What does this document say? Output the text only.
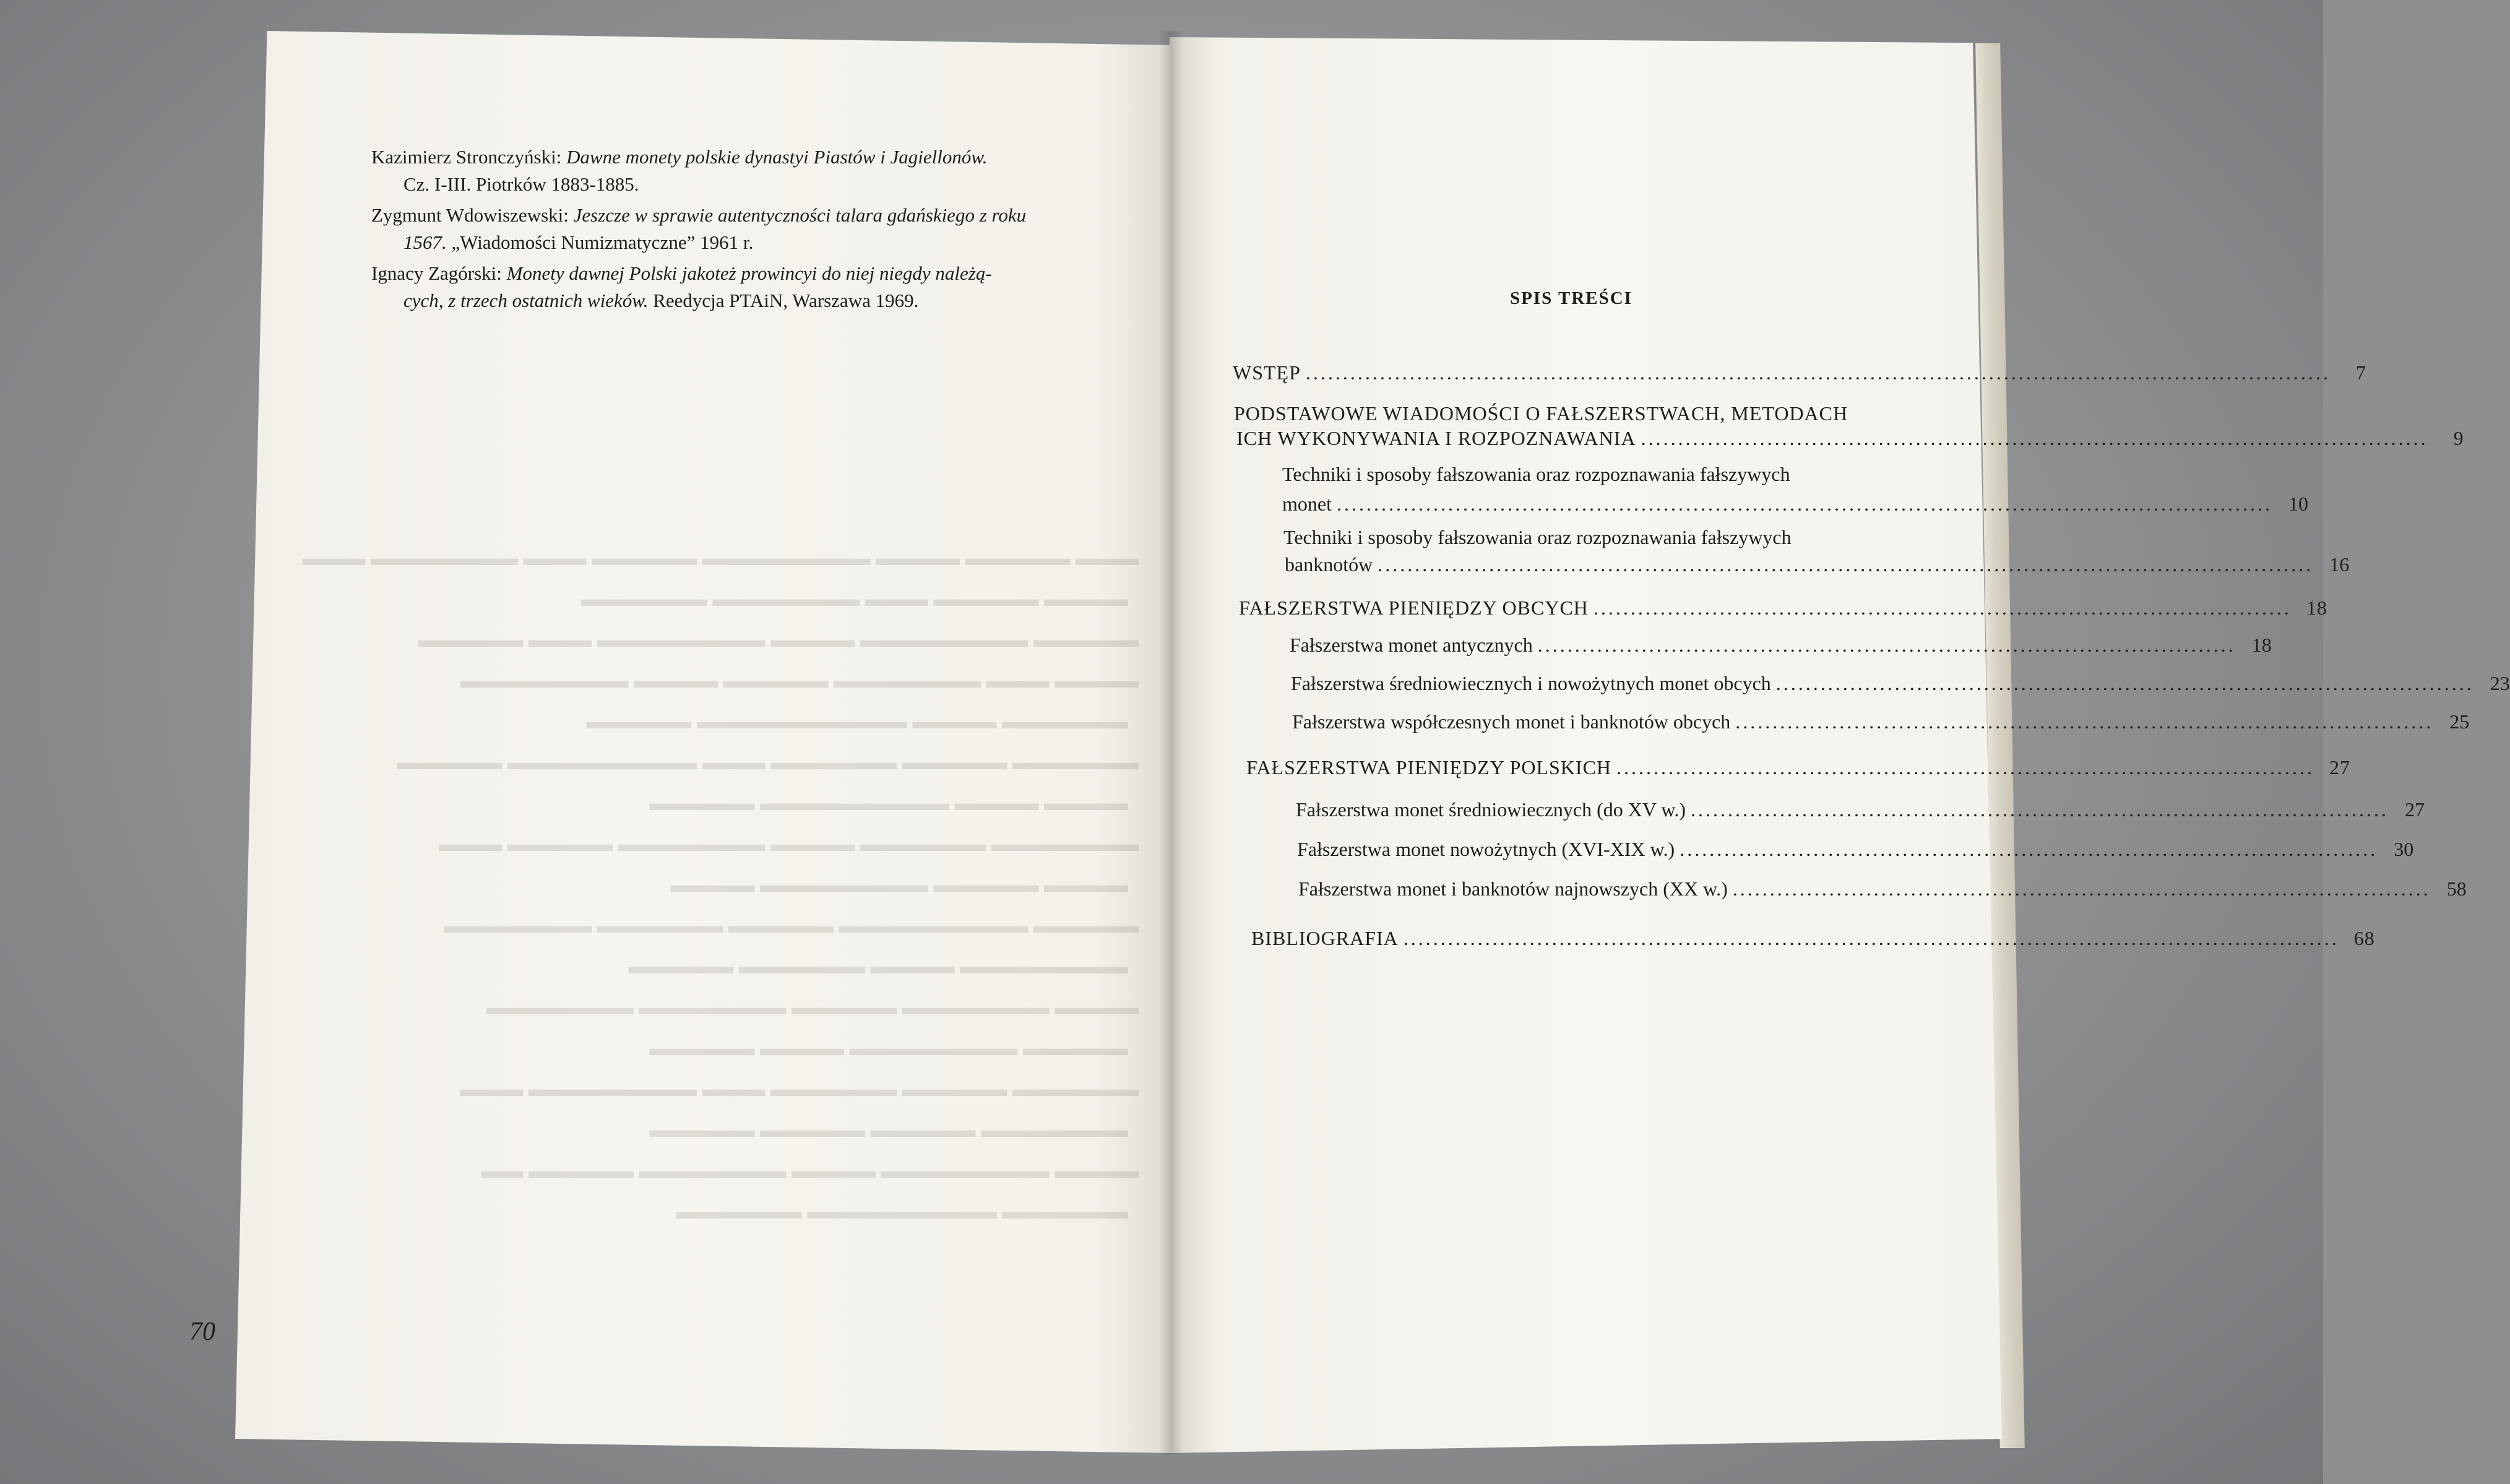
▬▬▬ ▬▬▬▬▬ ▬▬▬▬ ▬▬▬▬▬▬▬▬ ▬▬▬▬▬ ▬▬▬ ▬▬▬▬▬▬▬ ▬▬▬
▬▬▬▬ ▬▬▬▬▬ ▬▬▬ ▬▬▬▬▬▬▬ ▬▬▬▬▬▬
▬▬▬▬▬ ▬▬▬▬▬▬▬▬ ▬▬▬▬ ▬▬▬▬▬▬▬▬ ▬▬▬ ▬▬▬▬▬
▬▬▬▬ ▬▬▬ ▬▬▬▬▬▬▬ ▬▬▬▬▬ ▬▬▬▬ ▬▬▬▬▬▬▬▬
▬▬▬▬▬▬ ▬▬▬▬ ▬▬▬▬▬▬▬▬▬▬ ▬▬▬▬▬
▬▬▬▬▬▬ ▬▬▬▬▬ ▬▬▬▬▬▬ ▬▬▬ ▬▬▬▬▬▬▬▬▬ ▬▬▬▬▬
▬▬▬▬ ▬▬▬▬ ▬▬▬▬▬▬▬▬▬ ▬▬▬▬▬
▬▬▬▬▬▬▬ ▬▬▬▬▬▬ ▬▬▬▬ ▬▬▬▬▬▬▬ ▬▬▬▬▬ ▬▬▬
▬▬▬▬ ▬▬▬▬▬ ▬▬▬▬▬▬▬▬ ▬▬▬▬
▬▬▬▬▬ ▬▬▬▬▬▬▬▬▬ ▬▬▬▬▬ ▬▬▬▬▬▬ ▬▬▬▬▬▬▬
▬▬▬▬▬▬▬▬ ▬▬▬▬ ▬▬▬▬▬▬ ▬▬▬▬▬
▬▬▬▬ ▬▬▬▬▬▬▬ ▬▬▬▬▬ ▬▬▬▬▬▬▬ ▬▬▬▬▬▬▬
▬▬▬▬▬ ▬▬▬▬▬▬▬▬ ▬▬▬▬ ▬▬▬▬▬
▬▬▬▬▬▬ ▬▬▬▬▬ ▬▬▬▬▬▬ ▬▬▬ ▬▬▬▬▬▬▬▬ ▬▬▬
▬▬▬▬▬▬▬ ▬▬▬▬▬ ▬▬▬▬▬ ▬▬▬▬▬
▬▬▬▬ ▬▬▬▬▬▬▬▬ ▬▬▬▬ ▬▬▬▬▬▬▬ ▬▬▬▬▬ ▬▬
▬▬▬▬▬▬ ▬▬▬▬▬▬▬▬▬ ▬▬▬▬▬▬
Kazimierz Stronczyński: Dawne monety polskie dynastyi Piastów i Jagiellonów.
Cz. I-III. Piotrków 1883-1885.
Zygmunt Wdowiszewski: Jeszcze w sprawie autentyczności talara gdańskiego z roku
1567. „Wiadomości Numizmatyczne” 1961 r.
Ignacy Zagórski: Monety dawnej Polski jakoteż prowincyi do niej niegdy należą-
cych, z trzech ostatnich wieków. Reedycja PTAiN, Warszawa 1969.
70
SPIS TREŚCI
WSTĘP ..........................................................................................................................................	7
PODSTAWOWE WIADOMOŚCI O FAŁSZERSTWACH, METODACH
ICH WYKONYWANIA I ROZPOZNAWANIA ..........................................................................................................	9
Techniki i sposoby fałszowania oraz rozpoznawania fałszywych
monet .............................................................................................................................. 10
Techniki i sposoby fałszowania oraz rozpoznawania fałszywych
banknotów .............................................................................................................................. 16
FAŁSZERSTWA PIENIĘDZY OBCYCH .............................................................................................. 18
Fałszerstwa monet antycznych .............................................................................................. 18
Fałszerstwa średniowiecznych i nowożytnych monet obcych .............................................................................................. 23
Fałszerstwa współczesnych monet i banknotów obcych .............................................................................................. 25
FAŁSZERSTWA PIENIĘDZY POLSKICH .............................................................................................. 27
Fałszerstwa monet średniowiecznych (do XV w.) .............................................................................................. 27
Fałszerstwa monet nowożytnych (XVI-XIX w.) .............................................................................................. 30
Fałszerstwa monet i banknotów najnowszych (XX w.) .............................................................................................. 58
BIBLIOGRAFIA .............................................................................................................................. 68
